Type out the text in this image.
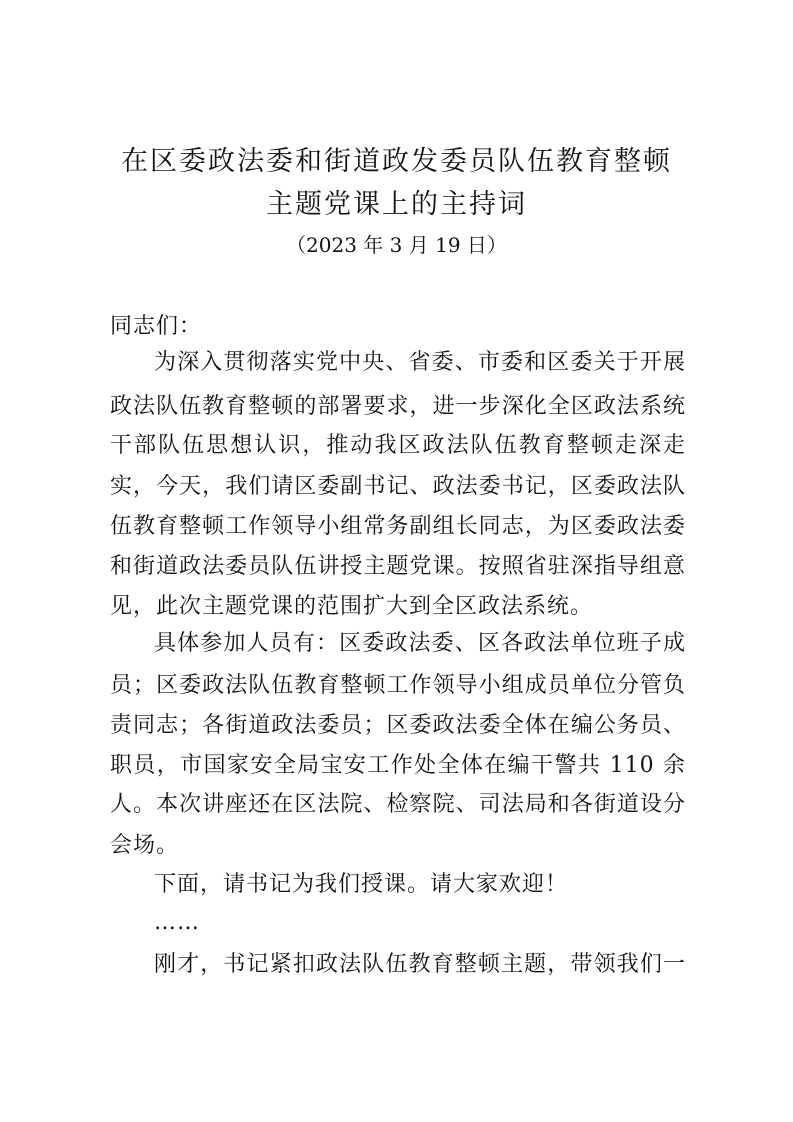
在区委政法委和街道政发委员队伍教育整顿
主题党课上的主持词
（2023 年 3 月 19 日）
同志们：
为深入贯彻落实党中央、省委、市委和区委关于开展
政法队伍教育整顿的部署要求，进一步深化全区政法系统
干部队伍思想认识，推动我区政法队伍教育整顿走深走
实，今天，我们请区委副书记、政法委书记，区委政法队
伍教育整顿工作领导小组常务副组长同志，为区委政法委
和街道政法委员队伍讲授主题党课。按照省驻深指导组意
见，此次主题党课的范围扩大到全区政法系统。
具体参加人员有：区委政法委、区各政法单位班子成
员；区委政法队伍教育整顿工作领导小组成员单位分管负
责同志；各街道政法委员；区委政法委全体在编公务员、
职员，市国家安全局宝安工作处全体在编干警共 110 余
人。本次讲座还在区法院、检察院、司法局和各街道设分
会场。
下面，请书记为我们授课。请大家欢迎！
……
刚才，书记紧扣政法队伍教育整顿主题，带领我们一
